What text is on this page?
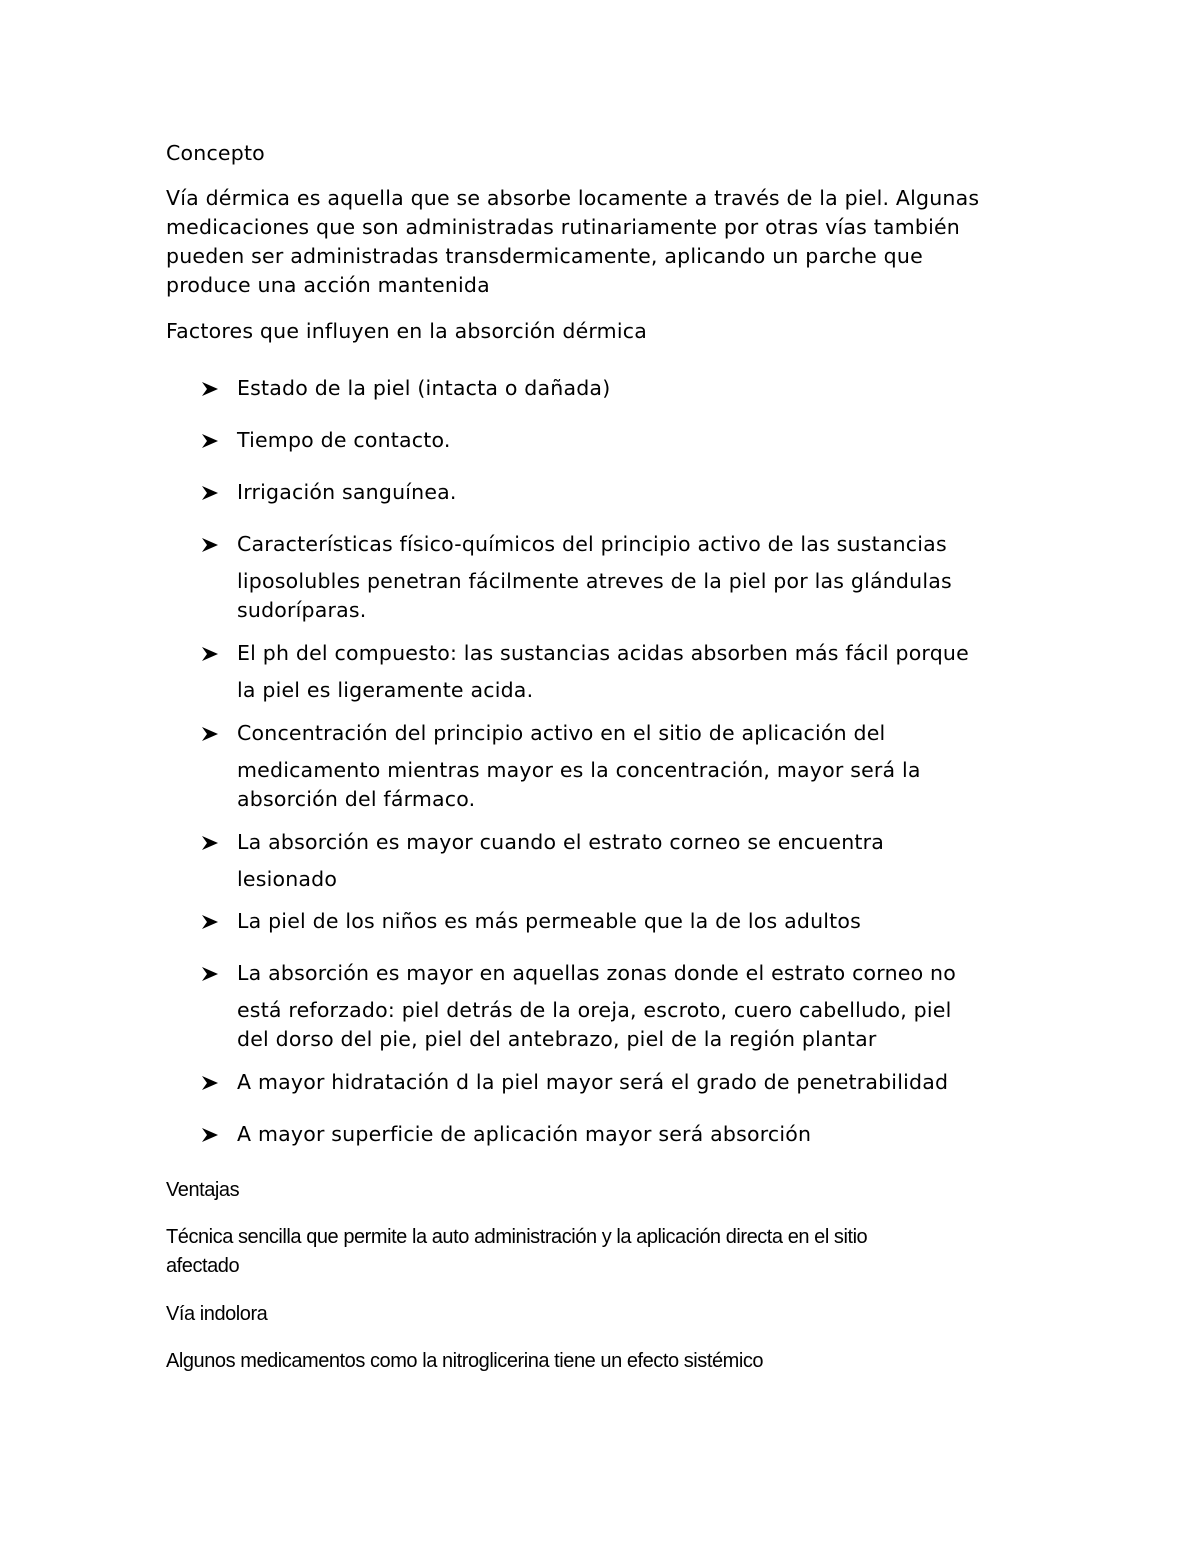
Concepto
Vía dérmica es aquella que se absorbe locamente a través de la piel. Algunas
medicaciones que son administradas rutinariamente por otras vías también
pueden ser administradas transdermicamente, aplicando un parche que
produce una acción mantenida
Factores que influyen en la absorción dérmica
Estado de la piel (intacta o dañada)
Tiempo de contacto.
Irrigación sanguínea.
Características físico-químicos del principio activo de las sustancias
liposolubles penetran fácilmente atreves de la piel por las glándulas
sudoríparas.
El ph del compuesto: las sustancias acidas absorben más fácil porque
la piel es ligeramente acida.
Concentración del principio activo en el sitio de aplicación del
medicamento mientras mayor es la concentración, mayor será la
absorción del fármaco.
La absorción es mayor cuando el estrato corneo se encuentra
lesionado
La piel de los niños es más permeable que la de los adultos
La absorción es mayor en aquellas zonas donde el estrato corneo no
está reforzado: piel detrás de la oreja, escroto, cuero cabelludo, piel
del dorso del pie, piel del antebrazo, piel de la región plantar
A mayor hidratación d la piel mayor será el grado de penetrabilidad
A mayor superficie de aplicación mayor será absorción
Ventajas
Técnica sencilla que permite la auto administración y la aplicación directa en el sitio
afectado
Vía indolora
Algunos medicamentos como la nitroglicerina tiene un efecto sistémico
